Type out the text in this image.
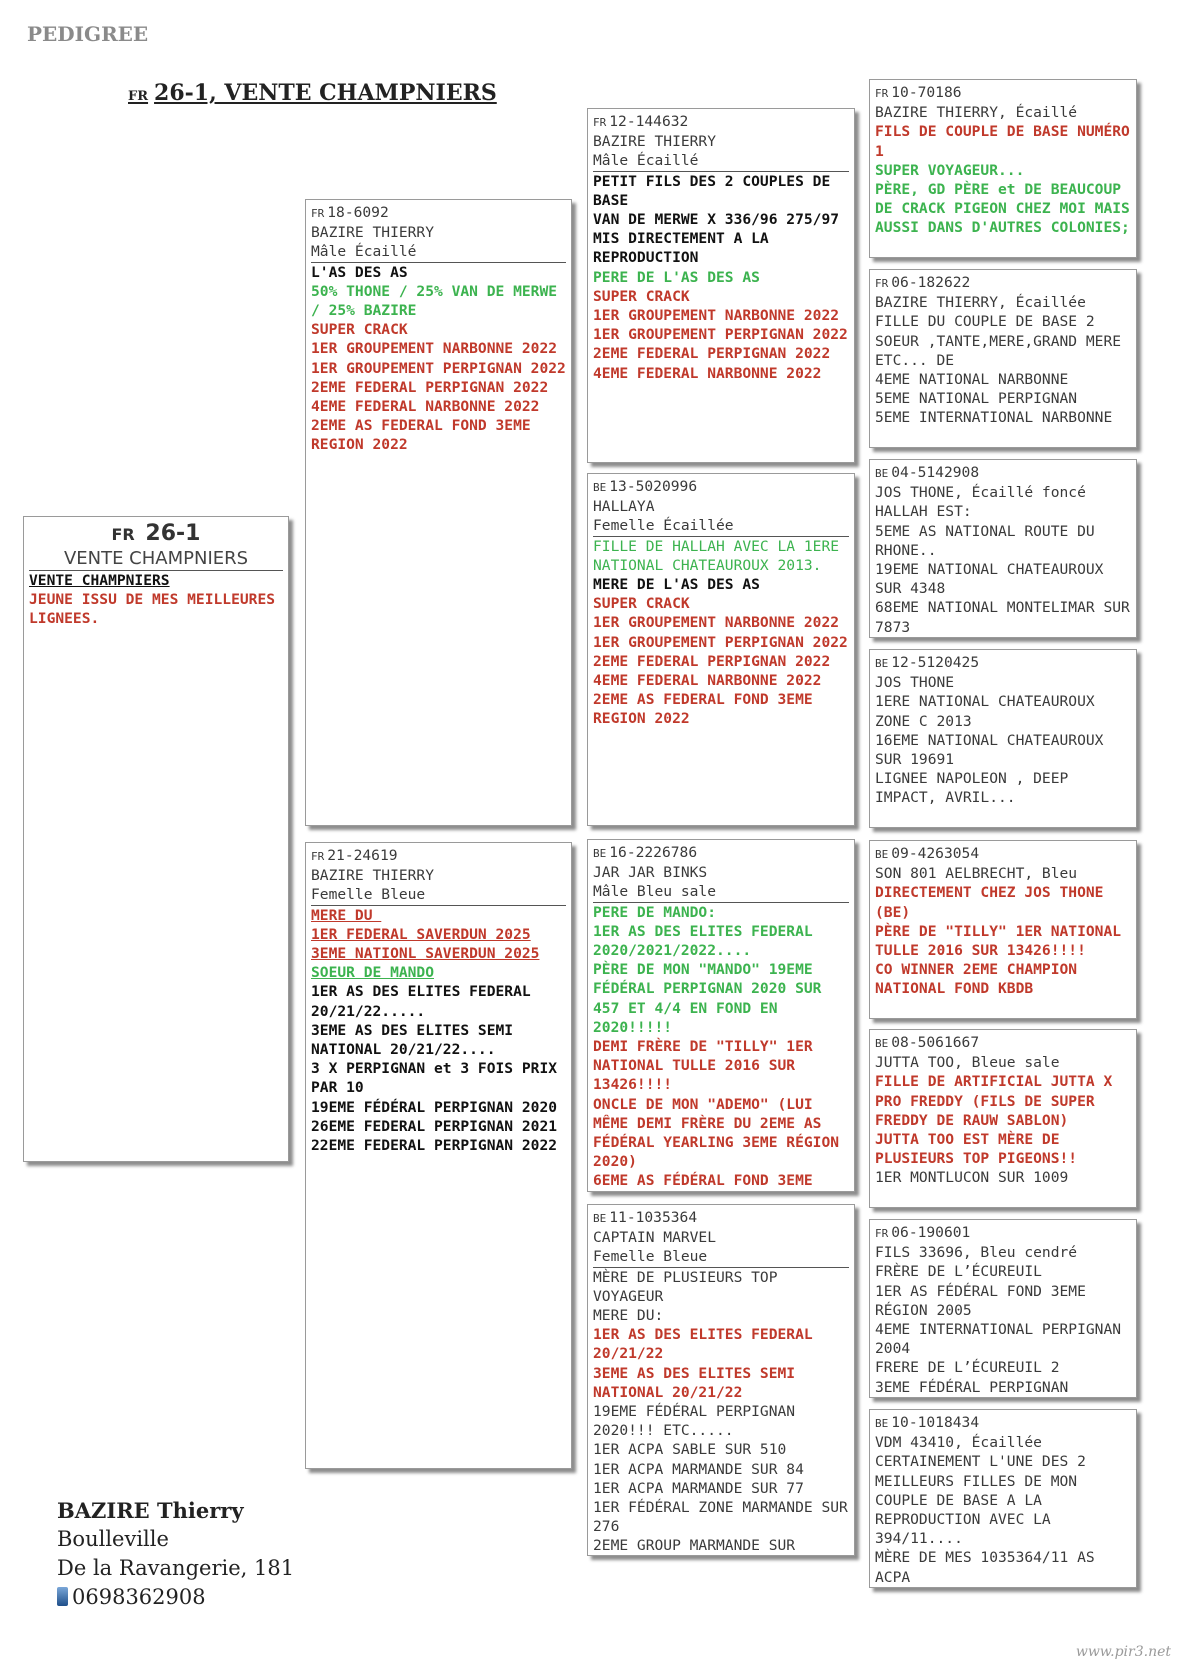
PEDIGREE
FR 26-1, VENTE CHAMPNIERS
FR 26-1
VENTE CHAMPNIERS
VENTE CHAMPNIERS
JEUNE ISSU DE MES MEILLEURES LIGNEES.
FR 18-6092
BAZIRE THIERRY
Mâle Écaillé
L'AS DES AS
50% THONE / 25% VAN DE MERWE / 25% BAZIRE
SUPER CRACK
1ER GROUPEMENT NARBONNE 2022
1ER GROUPEMENT PERPIGNAN 2022
2EME FEDERAL PERPIGNAN 2022
4EME FEDERAL NARBONNE 2022
2EME AS FEDERAL FOND 3EME REGION 2022
FR 21-24619
BAZIRE THIERRY
Femelle Bleue
MERE DU
1ER FEDERAL SAVERDUN 2025
3EME NATIONL SAVERDUN 2025
SOEUR DE MANDO
1ER AS DES ELITES FEDERAL 20/21/22.....
3EME AS DES ELITES SEMI NATIONAL 20/21/22....
3 X PERPIGNAN et 3 FOIS PRIX PAR 10
19EME FÉDÉRAL PERPIGNAN 2020
26EME FEDERAL PERPIGNAN 2021
22EME FEDERAL PERPIGNAN 2022
FR 12-144632
BAZIRE THIERRY
Mâle Écaillé
PETIT FILS DES 2 COUPLES DE BASE
VAN DE MERWE X 336/96 275/97
MIS DIRECTEMENT A LA REPRODUCTION
PERE DE L'AS DES AS
SUPER CRACK
1ER GROUPEMENT NARBONNE 2022
1ER GROUPEMENT PERPIGNAN 2022
2EME FEDERAL PERPIGNAN 2022
4EME FEDERAL NARBONNE 2022
BE 13-5020996
HALLAYA
Femelle Écaillée
FILLE DE HALLAH AVEC LA 1ERE NATIONAL CHATEAUROUX 2013.
MERE DE L'AS DES AS
SUPER CRACK
1ER GROUPEMENT NARBONNE 2022
1ER GROUPEMENT PERPIGNAN 2022
2EME FEDERAL PERPIGNAN 2022
4EME FEDERAL NARBONNE 2022
2EME AS FEDERAL FOND 3EME REGION 2022
BE 16-2226786
JAR JAR BINKS
Mâle Bleu sale
PERE DE MANDO:
1ER AS DES ELITES FEDERAL 2020/2021/2022....
PÈRE DE MON "MANDO" 19EME FÉDÉRAL PERPIGNAN 2020 SUR 457 ET 4/4 EN FOND EN 2020!!!!!
DEMI FRÈRE DE "TILLY" 1ER NATIONAL TULLE 2016 SUR 13426!!!!
ONCLE DE MON "ADEMO" (LUI MÊME DEMI FRÈRE DU 2EME AS FÉDÉRAL YEARLING 3EME RÉGION 2020)
6EME AS FÉDÉRAL FOND 3EME
BE 11-1035364
CAPTAIN MARVEL
Femelle Bleue
MÈRE DE PLUSIEURS TOP VOYAGEUR
MERE DU:
1ER AS DES ELITES FEDERAL 20/21/22
3EME AS DES ELITES SEMI NATIONAL 20/21/22
19EME FÉDÉRAL PERPIGNAN 2020!!! ETC.....
1ER ACPA SABLE SUR 510
1ER ACPA MARMANDE SUR 84
1ER ACPA MARMANDE SUR 77
1ER FÉDÉRAL ZONE MARMANDE SUR 276
2EME GROUP MARMANDE SUR
FR 10-70186
BAZIRE THIERRY, Écaillé
FILS DE COUPLE DE BASE NUMÉRO 1
SUPER VOYAGEUR...
PÈRE, GD PÈRE et DE BEAUCOUP DE CRACK PIGEON CHEZ MOI MAIS AUSSI DANS D'AUTRES COLONIES;
FR 06-182622
BAZIRE THIERRY, Écaillée
FILLE DU COUPLE DE BASE 2 SOEUR ,TANTE,MERE,GRAND MERE ETC... DE
4EME NATIONAL NARBONNE
5EME NATIONAL PERPIGNAN
5EME INTERNATIONAL NARBONNE
BE 04-5142908
JOS THONE, Écaillé foncé
HALLAH EST:
5EME AS NATIONAL ROUTE DU RHONE..
19EME NATIONAL CHATEAUROUX SUR 4348
68EME NATIONAL MONTELIMAR SUR 7873
BE 12-5120425
JOS THONE
1ERE NATIONAL CHATEAUROUX ZONE C 2013
16EME NATIONAL CHATEAUROUX SUR 19691
LIGNEE NAPOLEON , DEEP IMPACT, AVRIL...
BE 09-4263054
SON 801 AELBRECHT, Bleu
DIRECTEMENT CHEZ JOS THONE (BE)
PÈRE DE "TILLY" 1ER NATIONAL TULLE 2016 SUR 13426!!!!
CO WINNER 2EME CHAMPION NATIONAL FOND KBDB
BE 08-5061667
JUTTA TOO, Bleue sale
FILLE DE ARTIFICIAL JUTTA X PRO FREDDY (FILS DE SUPER FREDDY DE RAUW SABLON)
JUTTA TOO EST MÈRE DE PLUSIEURS TOP PIGEONS!!
1ER MONTLUCON SUR 1009
FR 06-190601
FILS 33696, Bleu cendré
FRÈRE DE L’ÉCUREUIL
1ER AS FÉDÉRAL FOND 3EME RÉGION 2005
4EME INTERNATIONAL PERPIGNAN 2004
FRERE DE L’ÉCUREUIL 2
3EME FÉDÉRAL PERPIGNAN
BE 10-1018434
VDM 43410, Écaillée
CERTAINEMENT L'UNE DES 2 MEILLEURS FILLES DE MON COUPLE DE BASE A LA REPRODUCTION AVEC LA 394/11....
MÈRE DE MES 1035364/11 AS ACPA
BAZIRE Thierry
Boulleville
De la Ravangerie, 181
0698362908
www.pir3.net
